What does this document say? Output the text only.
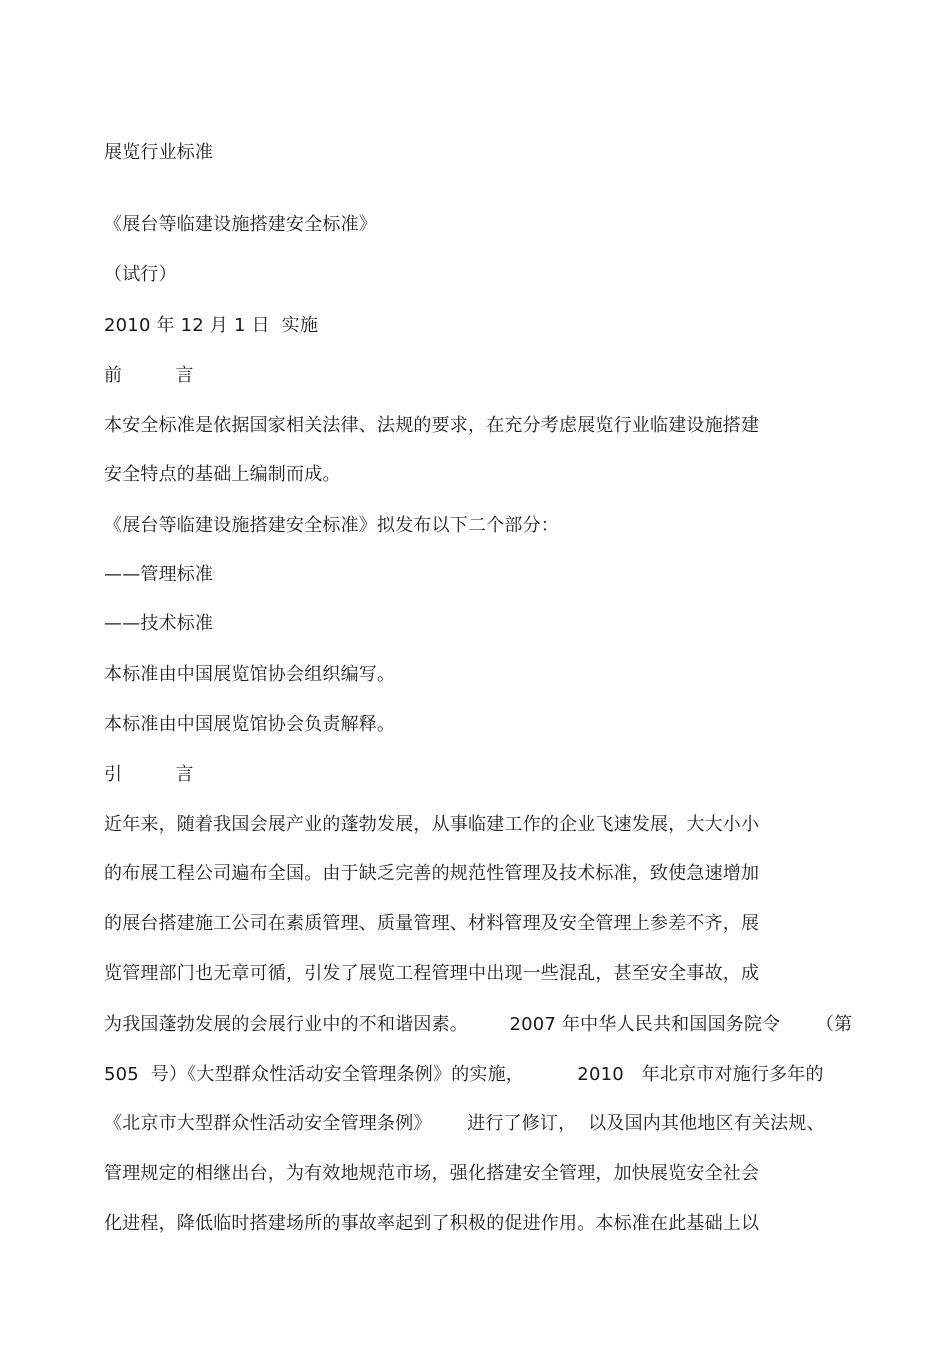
展览行业标准
《展台等临建设施搭建安全标准》
（试行）
2010 年 12 月 1 日  实施
前         言
本安全标准是依据国家相关法律、法规的要求，在充分考虑展览行业临建设施搭建
安全特点的基础上编制而成。
《展台等临建设施搭建安全标准》拟发布以下二个部分：
——管理标准
——技术标准
本标准由中国展览馆协会组织编写。
本标准由中国展览馆协会负责解释。
引         言
近年来，随着我国会展产业的蓬勃发展，从事临建工作的企业飞速发展，大大小小
的布展工程公司遍布全国。由于缺乏完善的规范性管理及技术标准，致使急速增加
的展台搭建施工公司在素质管理、质量管理、材料管理及安全管理上参差不齐，展
览管理部门也无章可循，引发了展览工程管理中出现一些混乱，甚至安全事故，成
为我国蓬勃发展的会展行业中的不和谐因素。       2007 年中华人民共和国国务院令      （第
505  号）《大型群众性活动安全管理条例》的实施，         2010   年北京市对施行多年的
《北京市大型群众性活动安全管理条例》      进行了修订，  以及国内其他地区有关法规、
管理规定的相继出台，为有效地规范市场，强化搭建安全管理，加快展览安全社会
化进程，降低临时搭建场所的事故率起到了积极的促进作用。本标准在此基础上以
